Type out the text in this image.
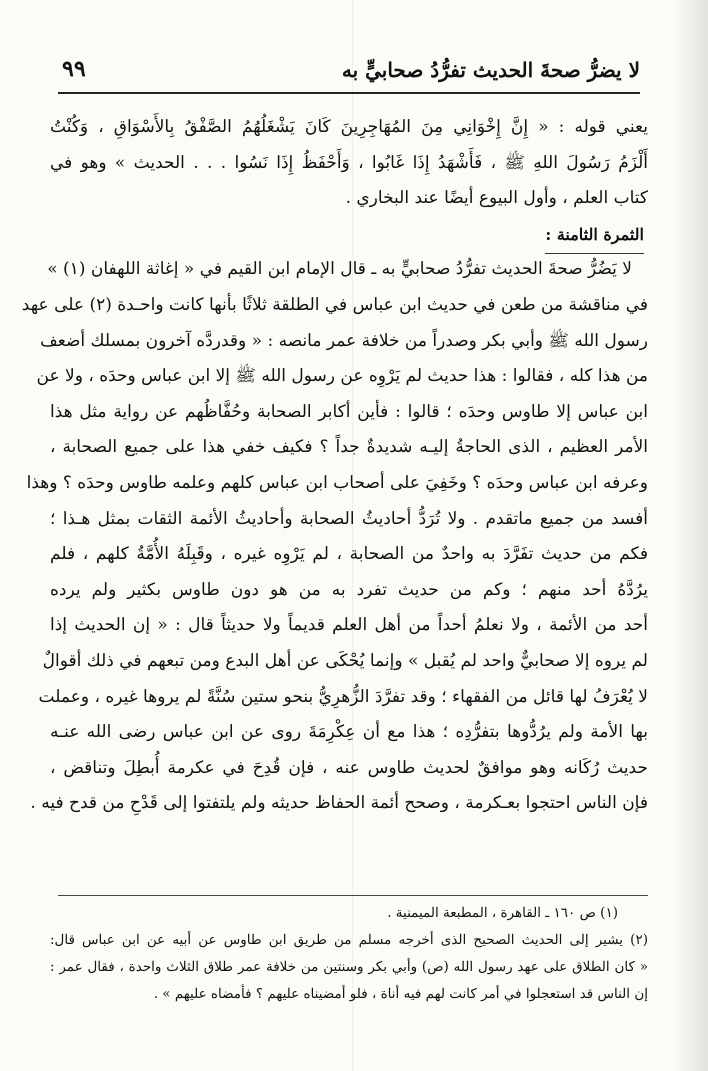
لا يضرُّ صحةَ الحديث تفرُّدُ صحابيٍّ به
٩٩
يعني قوله : « إِنَّ إِخْوَانِي مِنَ المُهَاجِرِينَ كَانَ يَشْغَلُهُمُ الصَّفْقُ بِالأَسْوَاقِ ، وَكُنْتُ
أَلْزَمُ رَسُولَ اللهِ ﷺ ، فَأَشْهَدُ إِذَا غَابُوا ، وَأَحْفَظُ إِذَا نَسُوا . . . الحديث » وهو في
كتاب العلم ، وأول البيوع أيضًا عند البخاري .
الثمرة الثامنة :
لا يَضُرُّ صحةَ الحديث تفرُّدُ صحابيٍّ به ـ قال الإمام ابن القيم في « إغاثة اللهفان (١) »
في مناقشة من طعن في حديث ابن عباس في الطلقة ثلاثًا بأنها كانت واحـدة (٢) على عهد
رسول الله ﷺ وأبي بكر وصدراً من خلافة عمر مانصه : « وقدردَّه آخرون بمسلك أضعف
من هذا كله ، فقالوا : هذا حديث لم يَرْوِه عن رسول الله ﷺ إلا ابن عباس وحدَه ، ولا عن
ابن عباس إلا طاوس وحدَه ؛ قالوا : فأين أكابر الصحابة وحُفَّاظُهم عن رواية مثل هذا
الأمر العظيم ، الذى الحاجةُ إليـه شديدةٌ جداً ؟ فكيف خفي هذا على جميع الصحابة ،
وعرفه ابن عباس وحدَه ؟ وخَفِيَ على أصحاب ابن عباس كلهم وعلمه طاوس وحدَه ؟ وهذا
أفسد من جميع ماتقدم . ولا تُرَدُّ أحاديثُ الصحابة وأحاديثُ الأئمة الثقات بمثل هـذا ؛
فكم من حديث تفَرَّدَ به واحدٌ من الصحابة ، لم يَرْوِه غيره ، وقَبِلَهُ الأُمَّةُ كلهم ، فلم
يرُدَّهُ أحد منهم ؛ وكم من حديث تفرد به من هو دون طاوس بكثير ولم يرده
أحد من الأئمة ، ولا نعلمُ أحداً من أهل العلم قديماً ولا حديثاً قال : « إن الحديث إذا
لم يروه إلا صحابيٌّ واحد لم يُقبل » وإنما يُحْكَى عن أهل البدع ومن تبعهم في ذلك أقوالٌ
لا يُعْرَفُ لها قائل من الفقهاء ؛ وقد تفرَّدَ الزُّهرِيُّ بنحو ستين سُنَّةً لم يروها غيره ، وعملت
بها الأمة ولم يرُدُّوها بتفرُّدِه ؛ هذا مع أن عِكْرِمَةَ روى عن ابن عباس رضى الله عنـه
حديث رُكَانه وهو موافقٌ لحديث طاوس عنه ، فإن قُدِحَ في عكرمة أُبطِلَ وتناقض ،
فإن الناس احتجوا بعـكرمة ، وصحح أئمة الحفاظ حديثه ولم يلتفتوا إلى قَدْحِ من قدح فيه .
(١) ص ١٦٠ ـ القاهرة ، المطبعة الميمنية .
(٢) يشير إلى الحديث الصحيح الذى أخرجه مسلم من طريق ابن طاوس عن أبيه عن ابن عباس قال:
« كان الطلاق على عهد رسول الله (ص) وأبي بكر وسنتين من خلافة عمر طلاق الثلاث واحدة ، فقال عمر :
إن الناس قد استعجلوا في أمر كانت لهم فيه أناة ، فلو أمضيناه عليهم ؟ فأمضاه عليهم » .
